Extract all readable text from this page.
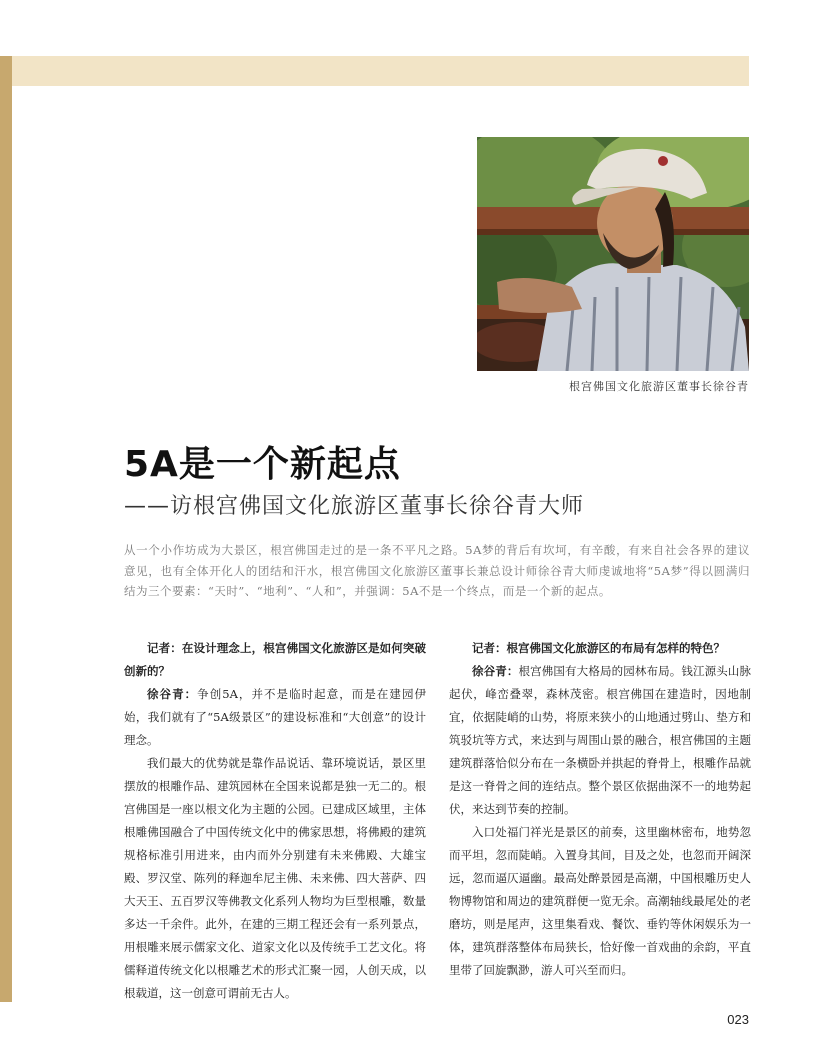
根宫佛国文化旅游区董事长徐谷青
5A是一个新起点
——访根宫佛国文化旅游区董事长徐谷青大师

从一个小作坊成为大景区，根宫佛国走过的是一条不平凡之路。5A梦的背后有坎坷，有辛酸，有来自社会各界的建议意见，也有全体开化人的团结和汗水，根宫佛国文化旅游区董事长兼总设计师徐谷青大师虔诚地将“5A梦”得以圆满归结为三个要素：“天时”、“地利”、“人和”，并强调：5A不是一个终点，而是一个新的起点。

记者：在设计理念上，根宫佛国文化旅游区是如何突破创新的？

徐谷青：争创5A，并不是临时起意，而是在建园伊始，我们就有了“5A级景区”的建设标准和“大创意”的设计理念。

我们最大的优势就是靠作品说话、靠环境说话，景区里摆放的根雕作品、建筑园林在全国来说都是独一无二的。根宫佛国是一座以根文化为主题的公园。已建成区域里，主体根雕佛国融合了中国传统文化中的佛家思想，将佛殿的建筑规格标准引用进来，由内而外分别建有未来佛殿、大雄宝殿、罗汉堂、陈列的释迦牟尼主佛、未来佛、四大菩萨、四大天王、五百罗汉等佛教文化系列人物均为巨型根雕，数量多达一千余件。此外，在建的三期工程还会有一系列景点，用根雕来展示儒家文化、道家文化以及传统手工艺文化。将儒释道传统文化以根雕艺术的形式汇聚一园，人创天成，以根载道，这一创意可谓前无古人。

记者：根宫佛国文化旅游区的布局有怎样的特色？

徐谷青：根宫佛国有大格局的园林布局。钱江源头山脉起伏，峰峦叠翠，森林茂密。根宫佛国在建造时，因地制宜，依据陡峭的山势，将原来狭小的山地通过劈山、垫方和筑驳坑等方式，来达到与周围山景的融合，根宫佛国的主题建筑群落恰似分布在一条横卧并拱起的脊骨上，根雕作品就是这一脊骨之间的连结点。整个景区依据曲深不一的地势起伏，来达到节奏的控制。

入口处福门祥光是景区的前奏，这里幽林密布，地势忽而平坦，忽而陡峭。入置身其间，目及之处，也忽而开阔深远，忽而逼仄逼幽。最高处醉景园是高潮，中国根雕历史人物博物馆和周边的建筑群便一览无余。高潮轴线最尾处的老磨坊，则是尾声，这里集看戏、餐饮、垂钓等休闲娱乐为一体，建筑群落整体布局狭长，恰好像一首戏曲的余韵，平直里带了回旋飘渺，游人可兴至而归。

023
